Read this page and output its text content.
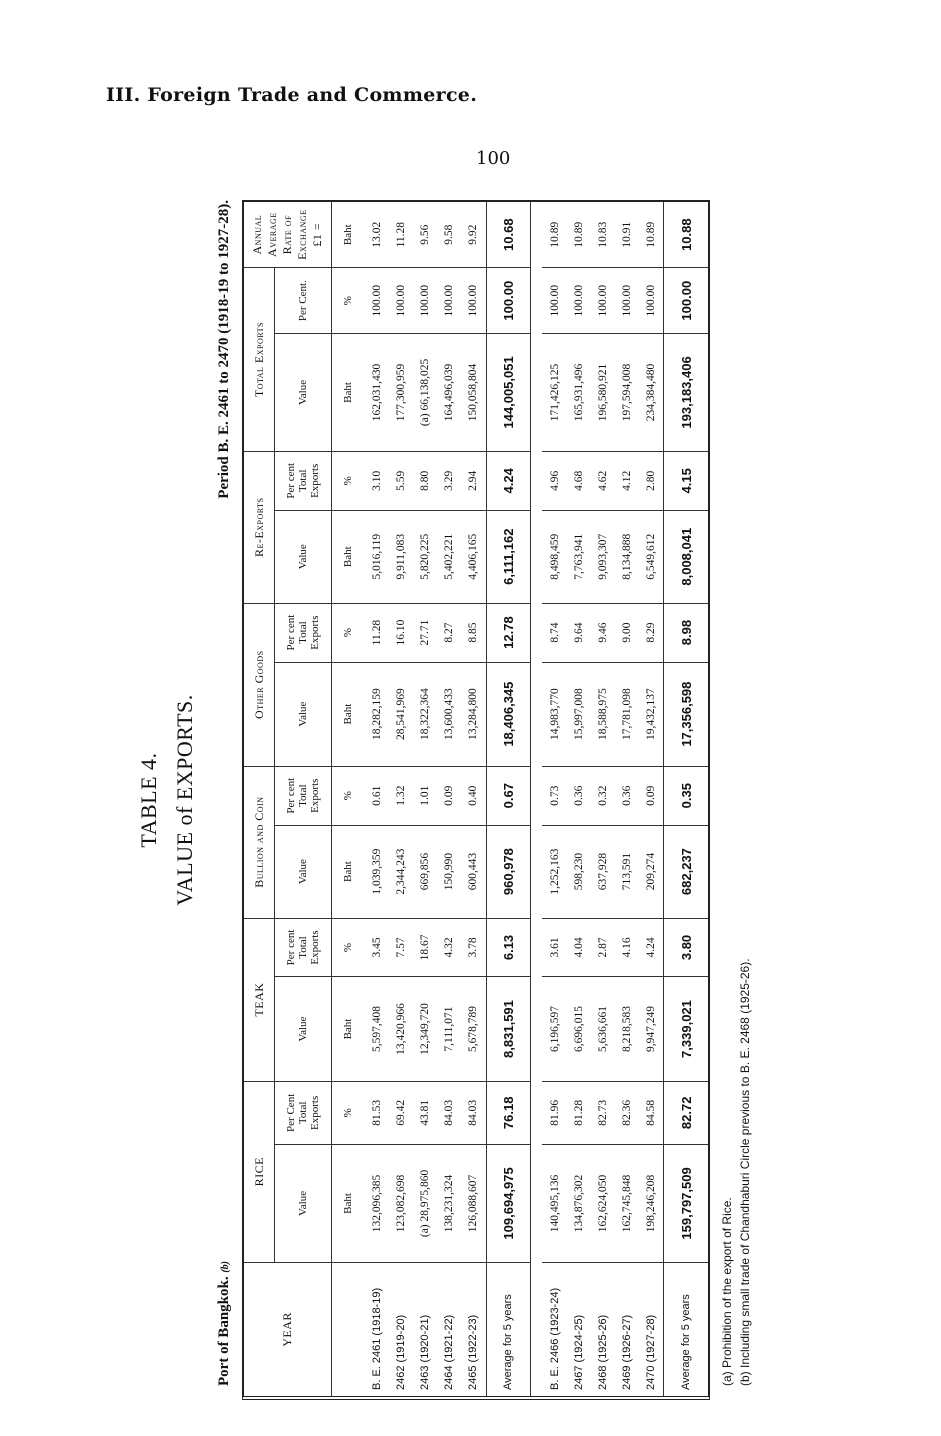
III. Foreign Trade and Commerce.
100
TABLE 4. VALUE of EXPORTS.
Port of Bangkok. (b)
Period B. E. 2461 to 2470 (1918-19 to 1927-28).
YEAR	RICE		TEAK		Bullion and Coin		Other Goods		Re-Exports		Total Exports		Annual Average Rate of Exchange £1 =
	Value	Per Cent Total Exports	Value	Per cent Total Exports	Value	Per cent Total Exports	Value	Per cent Total Exports	Value	Per cent Total Exports	Value	Per Cent.	
	Baht	%	Baht	%	Baht	%	Baht	%	Baht	%	Baht	%	Baht
B. E. 2461 (1918-19)	132,096,385	81.53	5,597,408	3.45	1,039,359	0.61	18,282,159	11.28	5,016,119	3.10	162,031,430	100.00	13.02
2462 (1919-20)	123,082,698	69.42	13,420,966	7.57	2,344,243	1.32	28,541,969	16.10	9,911,083	5.59	177,300,959	100.00	11.28
2463 (1920-21)	(a) 28,975,860	43.81	12,349,720	18.67	669,856	1.01	18,322,364	27.71	5,820,225	8.80	(a) 66,138,025	100.00	9.56
2464 (1921-22)	138,231,324	84.03	7,111,071	4.32	150,990	0.09	13,600,433	8.27	5,402,221	3.29	164,496,039	100.00	9.58
2465 (1922-23)	126,088,607	84.03	5,678,789	3.78	600,443	0.40	13,284,800	8.85	4,406,165	2.94	150,058,804	100.00	9.92
Average for 5 years	109,694,975	76.18	8,831,591	6.13	960,978	0.67	18,406,345	12.78	6,111,162	4.24	144,005,051	100.00	10.68

B. E. 2466 (1923-24)	140,495,136	81.96	6,196,597	3.61	1,252,163	0.73	14,983,770	8.74	8,498,459	4.96	171,426,125	100.00	10.89
2467 (1924-25)	134,876,302	81.28	6,696,015	4.04	598,230	0.36	15,997,008	9.64	7,763,941	4.68	165,931,496	100.00	10.89
2468 (1925-26)	162,624,050	82.73	5,636,661	2.87	637,928	0.32	18,588,975	9.46	9,093,307	4.62	196,580,921	100.00	10.83
2469 (1926-27)	162,745,848	82.36	8,218,583	4.16	713,591	0.36	17,781,098	9.00	8,134,888	4.12	197,594,008	100.00	10.91
2470 (1927-28)	198,246,208	84.58	9,947,249	4.24	209,274	0.09	19,432,137	8.29	6,549,612	2.80	234,384,480	100.00	10.89
Average for 5 years	159,797,509	82.72	7,339,021	3.80	682,237	0.35	17,356,598	8.98	8,008,041	4.15	193,183,406	100.00	10.88
(a) Prohibition of the export of Rice. (b) Including small trade of Chandhaburi Circle previous to B. E. 2468 (1925-26).
